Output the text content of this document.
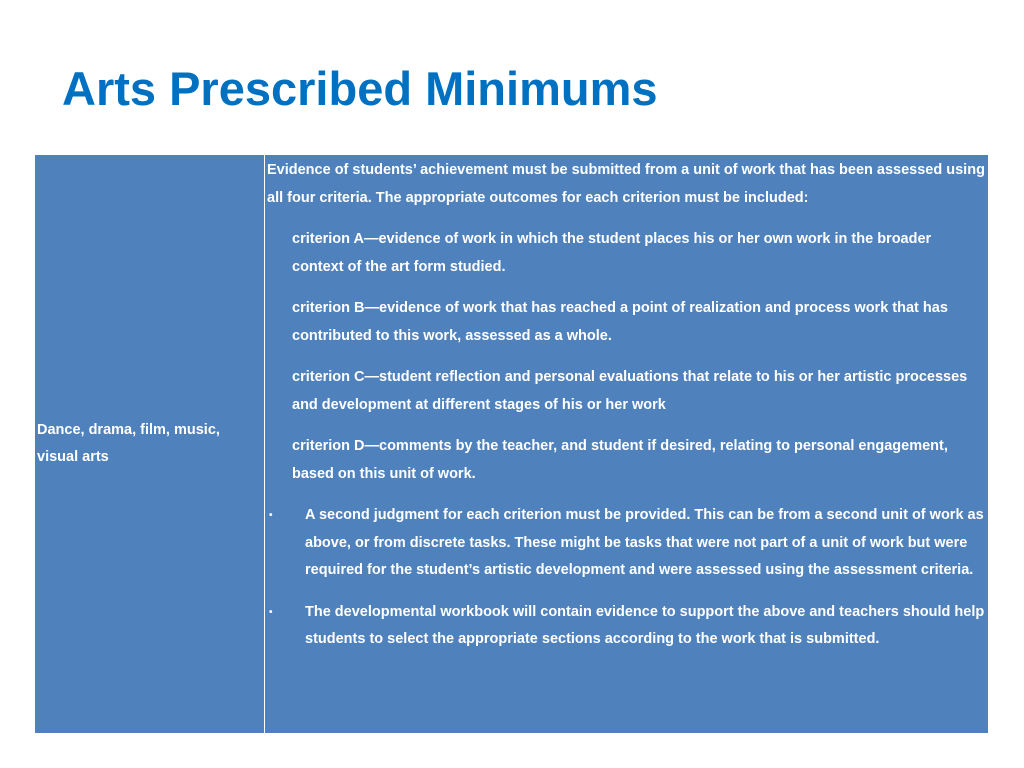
Arts Prescribed Minimums
Dance, drama, film, music, visual arts

Evidence of students’ achievement must be submitted from a unit of work that has been assessed using all four criteria. The appropriate outcomes for each criterion must be included:

criterion A—evidence of work in which the student places his or her own work in the broader context of the art form studied.

criterion B—evidence of work that has reached a point of realization and process work that has contributed to this work, assessed as a whole.

criterion C—student reflection and personal evaluations that relate to his or her artistic processes and development at different stages of his or her work

criterion D—comments by the teacher, and student if desired, relating to personal engagement, based on this unit of work.

• A second judgment for each criterion must be provided. This can be from a second unit of work as above, or from discrete tasks. These might be tasks that were not part of a unit of work but were required for the student’s artistic development and were assessed using the assessment criteria.
• The developmental workbook will contain evidence to support the above and teachers should help students to select the appropriate sections according to the work that is submitted.
